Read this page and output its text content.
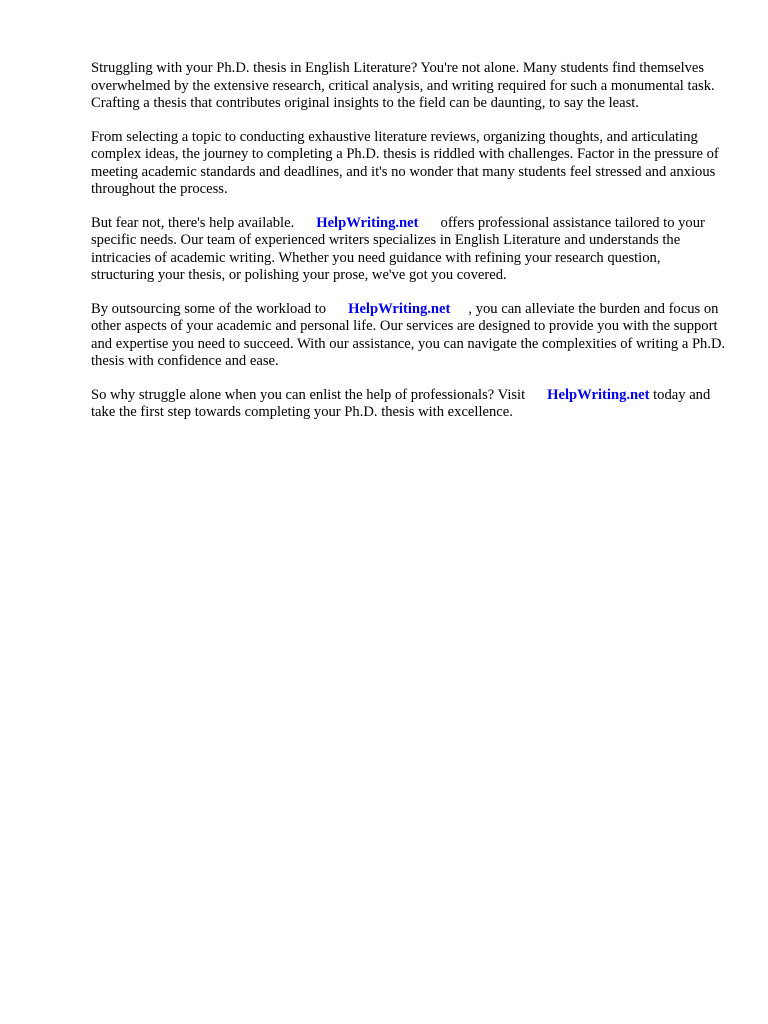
Struggling with your Ph.D. thesis in English Literature? You're not alone. Many students find themselves overwhelmed by the extensive research, critical analysis, and writing required for such a monumental task. Crafting a thesis that contributes original insights to the field can be daunting, to say the least.

From selecting a topic to conducting exhaustive literature reviews, organizing thoughts, and articulating complex ideas, the journey to completing a Ph.D. thesis is riddled with challenges. Factor in the pressure of meeting academic standards and deadlines, and it's no wonder that many students feel stressed and anxious throughout the process.

But fear not, there's help available. HelpWriting.net offers professional assistance tailored to your specific needs. Our team of experienced writers specializes in English Literature and understands the intricacies of academic writing. Whether you need guidance with refining your research question, structuring your thesis, or polishing your prose, we've got you covered.

By outsourcing some of the workload to HelpWriting.net , you can alleviate the burden and focus on other aspects of your academic and personal life. Our services are designed to provide you with the support and expertise you need to succeed. With our assistance, you can navigate the complexities of writing a Ph.D. thesis with confidence and ease.

So why struggle alone when you can enlist the help of professionals? Visit HelpWriting.net today and take the first step towards completing your Ph.D. thesis with excellence.
